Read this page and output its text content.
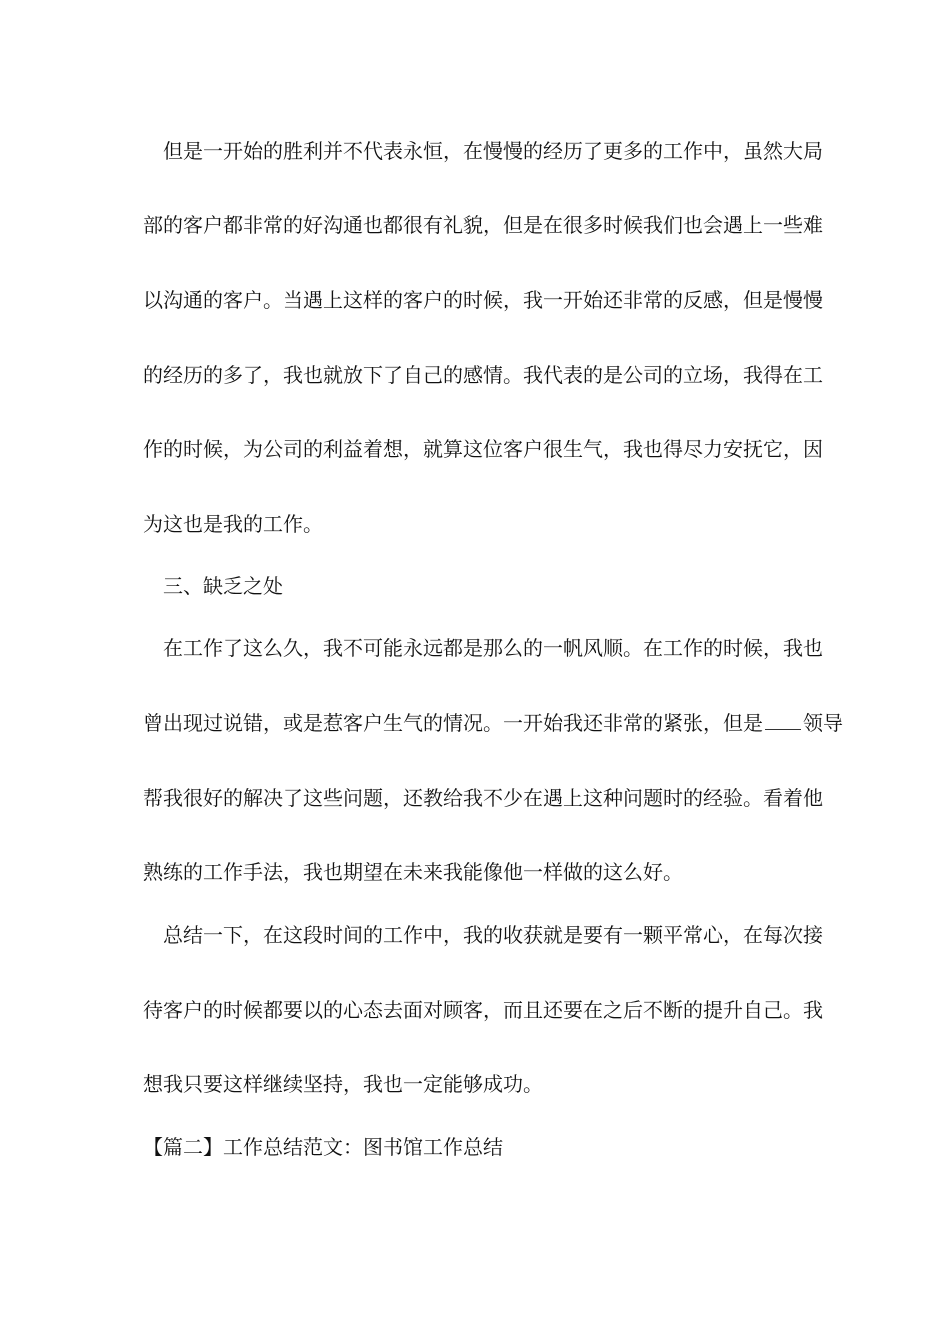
但是一开始的胜利并不代表永恒，在慢慢的经历了更多的工作中，虽然大局
部的客户都非常的好沟通也都很有礼貌，但是在很多时候我们也会遇上一些难
以沟通的客户。当遇上这样的客户的时候，我一开始还非常的反感，但是慢慢
的经历的多了，我也就放下了自己的感情。我代表的是公司的立场，我得在工
作的时候，为公司的利益着想，就算这位客户很生气，我也得尽力安抚它，因
为这也是我的工作。
三、缺乏之处
在工作了这么久，我不可能永远都是那么的一帆风顺。在工作的时候，我也
曾出现过说错，或是惹客户生气的情况。一开始我还非常的紧张，但是 领导
帮我很好的解决了这些问题，还教给我不少在遇上这种问题时的经验。看着他
熟练的工作手法，我也期望在未来我能像他一样做的这么好。
总结一下，在这段时间的工作中，我的收获就是要有一颗平常心，在每次接
待客户的时候都要以的心态去面对顾客，而且还要在之后不断的提升自己。我
想我只要这样继续坚持，我也一定能够成功。
【篇二】工作总结范文：图书馆工作总结
